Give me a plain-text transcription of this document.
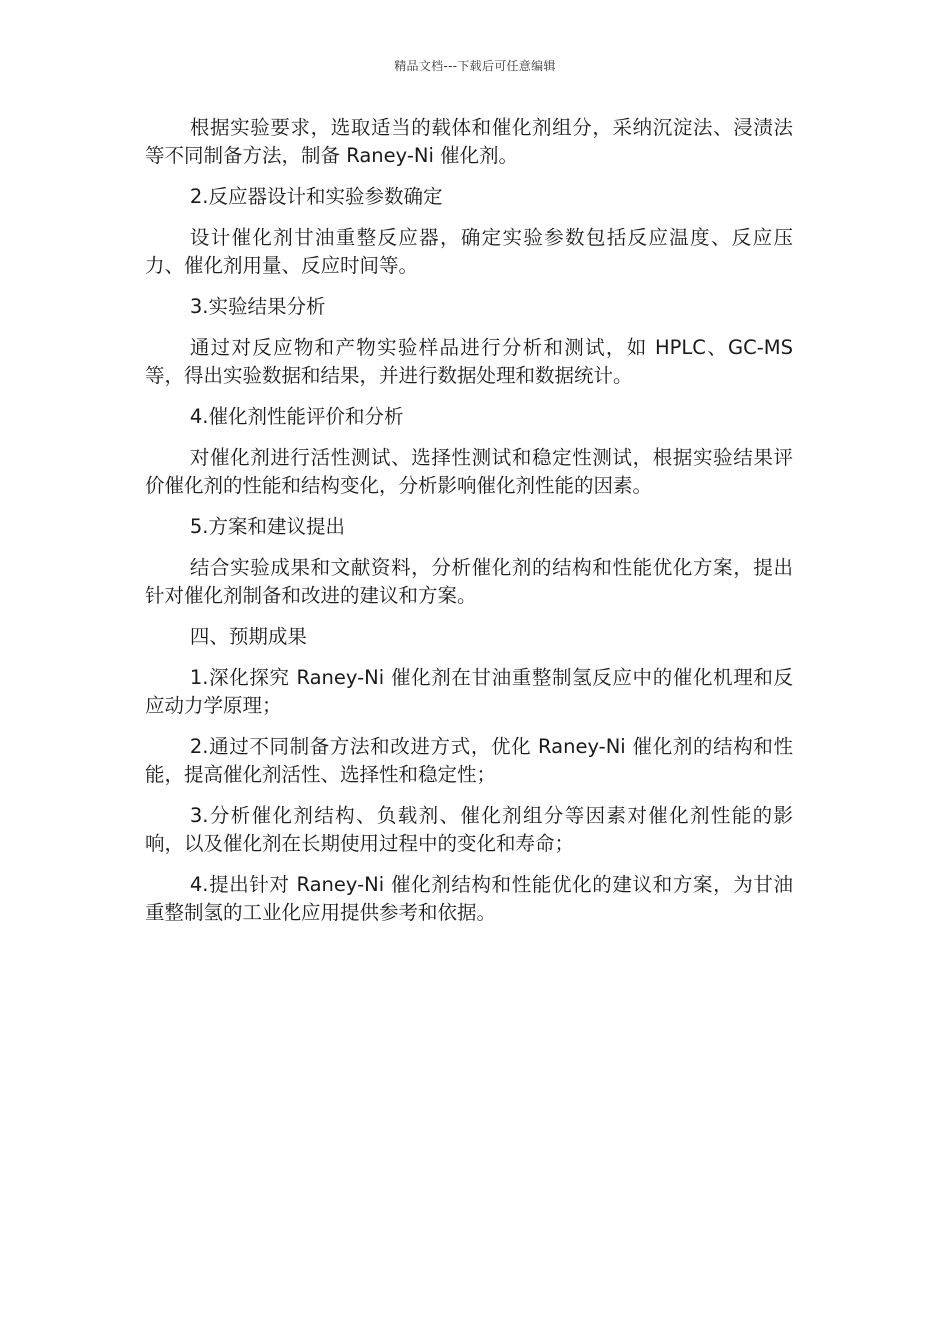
精品文档---下载后可任意编辑

根据实验要求，选取适当的载体和催化剂组分，采纳沉淀法、浸渍法等不同制备方法，制备 Raney-Ni 催化剂。

2.反应器设计和实验参数确定

设计催化剂甘油重整反应器，确定实验参数包括反应温度、反应压力、催化剂用量、反应时间等。

3.实验结果分析

通过对反应物和产物实验样品进行分析和测试，如 HPLC、GC-MS 等，得出实验数据和结果，并进行数据处理和数据统计。

4.催化剂性能评价和分析

对催化剂进行活性测试、选择性测试和稳定性测试，根据实验结果评价催化剂的性能和结构变化，分析影响催化剂性能的因素。

5.方案和建议提出

结合实验成果和文献资料，分析催化剂的结构和性能优化方案，提出针对催化剂制备和改进的建议和方案。

四、预期成果

1.深化探究 Raney-Ni 催化剂在甘油重整制氢反应中的催化机理和反应动力学原理；

2.通过不同制备方法和改进方式，优化 Raney-Ni 催化剂的结构和性能，提高催化剂活性、选择性和稳定性；

3.分析催化剂结构、负载剂、催化剂组分等因素对催化剂性能的影响，以及催化剂在长期使用过程中的变化和寿命；

4.提出针对 Raney-Ni 催化剂结构和性能优化的建议和方案，为甘油重整制氢的工业化应用提供参考和依据。
